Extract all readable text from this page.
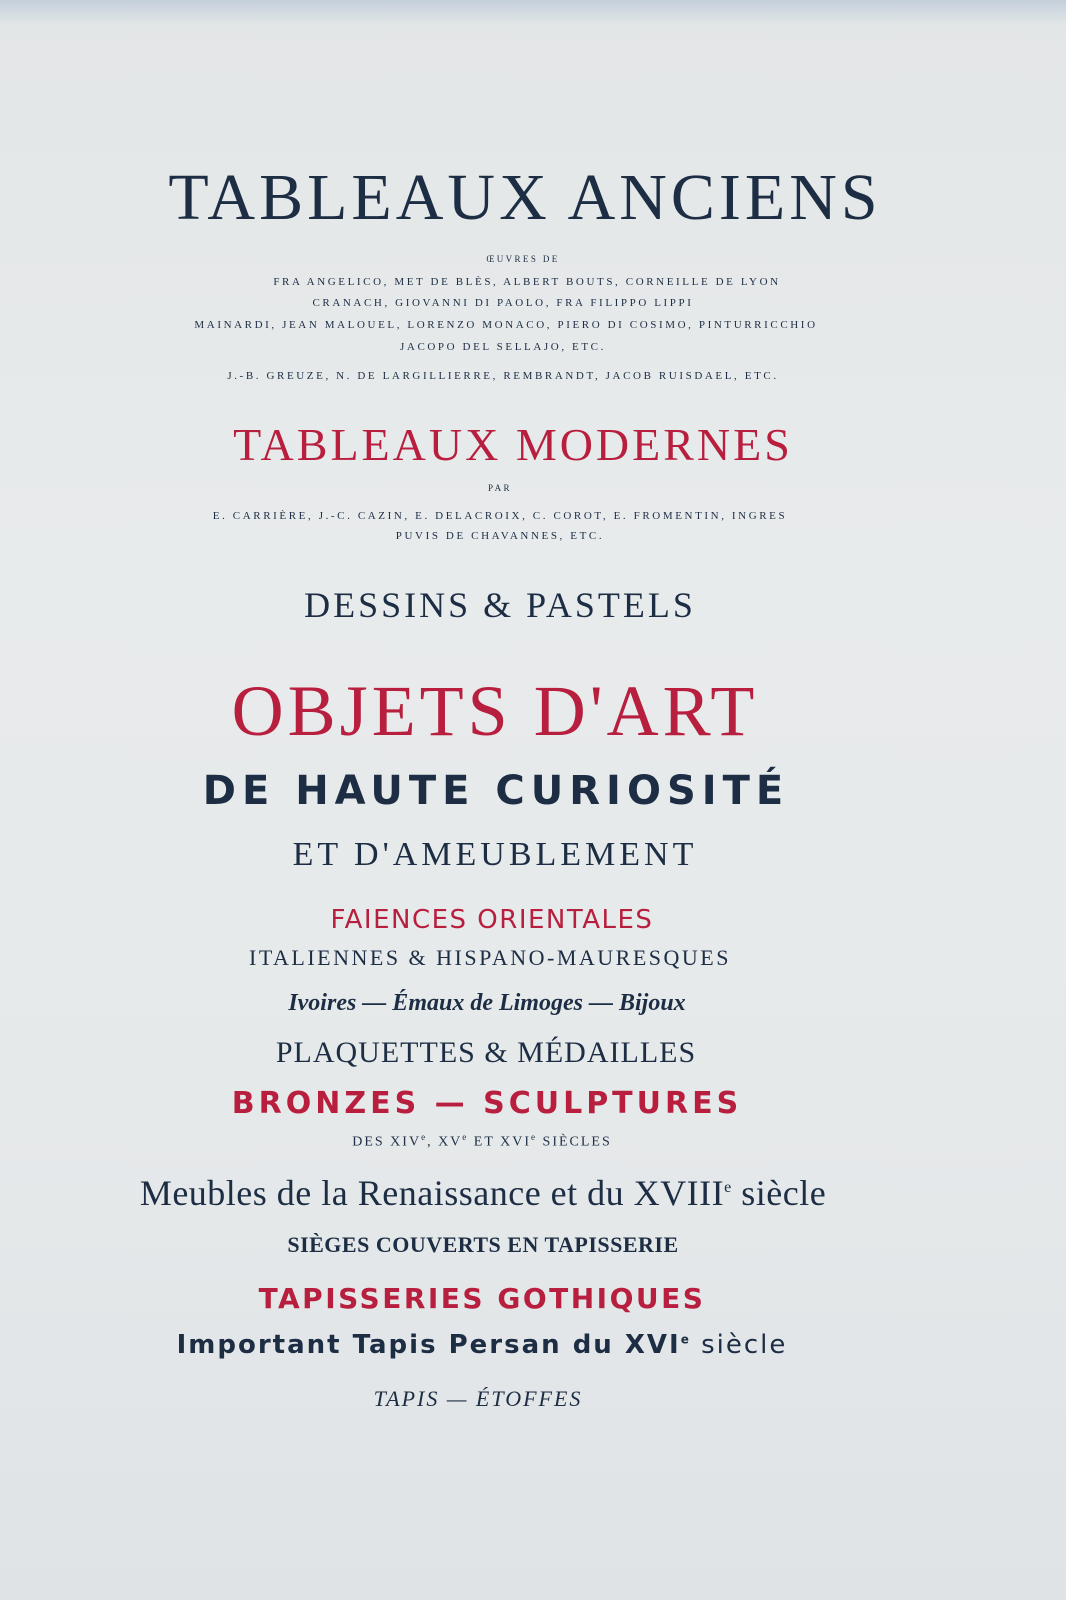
TABLEAUX ANCIENS
ŒUVRES DE
FRA ANGELICO, MET DE BLÈS, ALBERT BOUTS, CORNEILLE DE LYON
CRANACH, GIOVANNI DI PAOLO, FRA FILIPPO LIPPI
MAINARDI, JEAN MALOUEL, LORENZO MONACO, PIERO DI COSIMO, PINTURRICCHIO
JACOPO DEL SELLAJO, ETC.
J.-B. GREUZE, N. DE LARGILLIERRE, REMBRANDT, JACOB RUISDAEL, ETC.
TABLEAUX MODERNES
PAR
E. CARRIÈRE, J.-C. CAZIN, E. DELACROIX, C. COROT, E. FROMENTIN, INGRES
PUVIS DE CHAVANNES, ETC.
DESSINS & PASTELS
OBJETS D'ART
DE HAUTE CURIOSITÉ
ET D'AMEUBLEMENT
FAIENCES ORIENTALES
ITALIENNES & HISPANO-MAURESQUES
Ivoires — Émaux de Limoges — Bijoux
PLAQUETTES & MÉDAILLES
BRONZES — SCULPTURES
DES XIVe, XVe ET XVIe SIÈCLES
Meubles de la Renaissance et du XVIIIe siècle
SIÈGES COUVERTS EN TAPISSERIE
TAPISSERIES GOTHIQUES
Important Tapis Persan du XVIe siècle
TAPIS — ÉTOFFES
